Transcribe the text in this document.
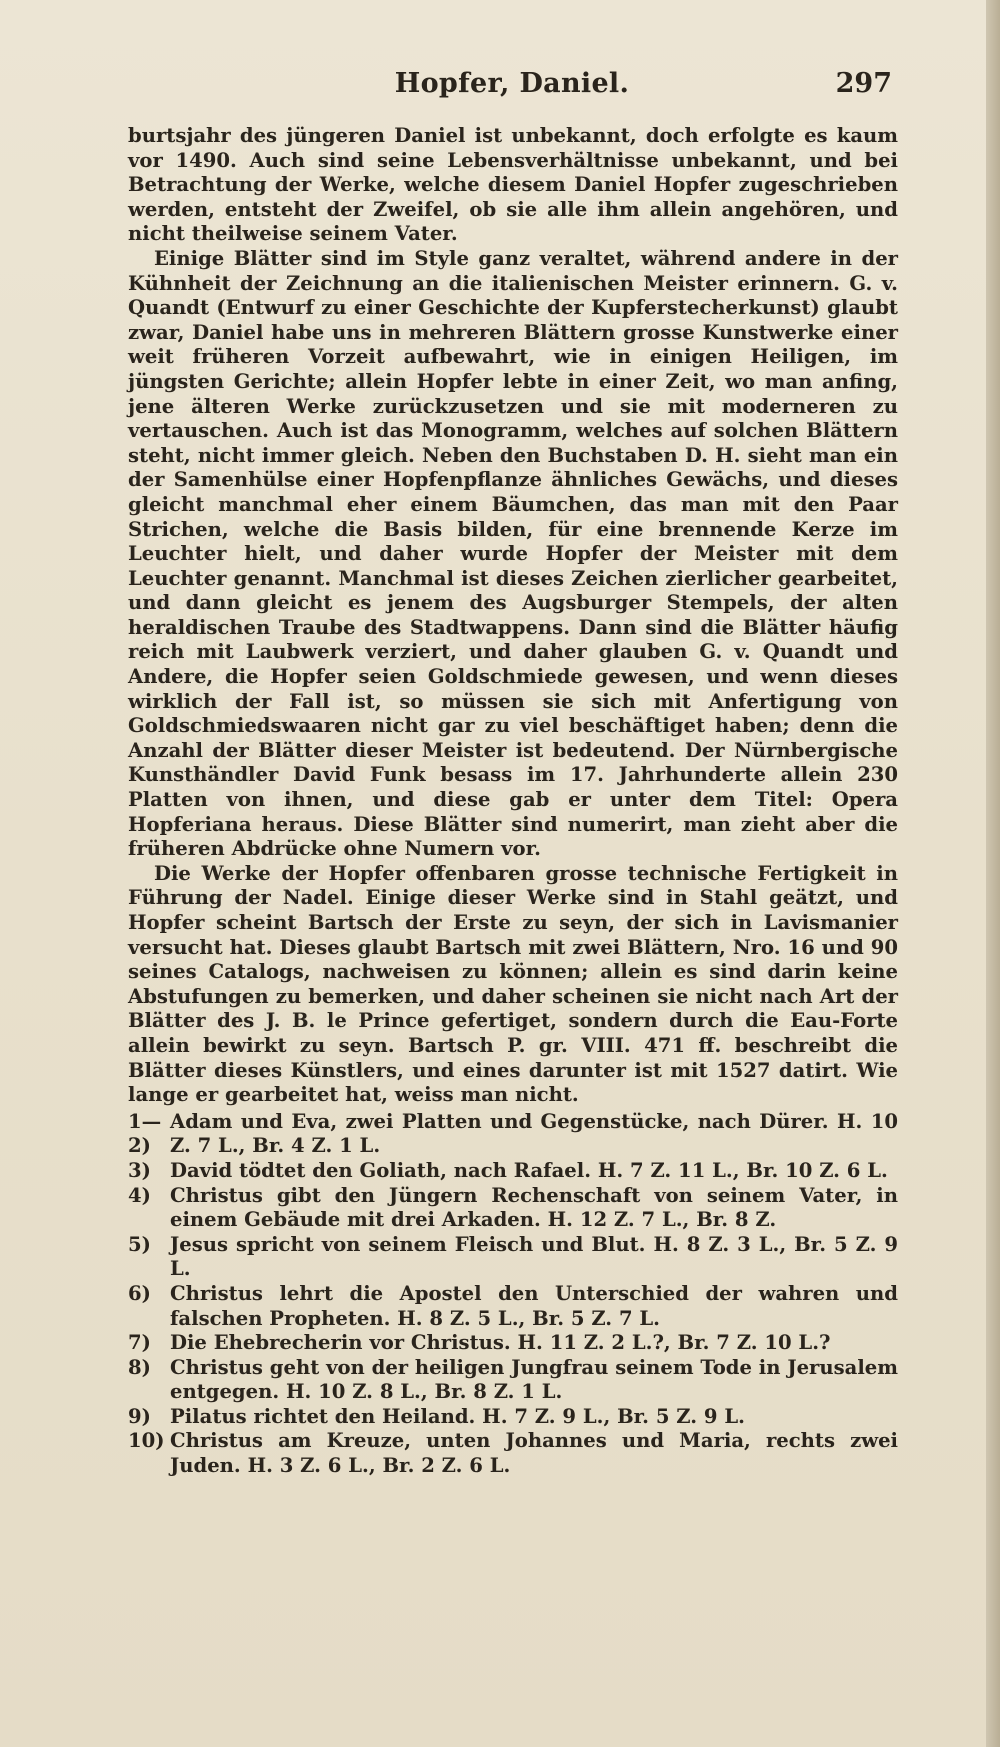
Hopfer, Daniel.	297

burtsjahr des jüngeren Daniel ist unbekannt, doch erfolgte es kaum vor 1490. Auch sind seine Lebensverhältnisse unbekannt, und bei Betrachtung der Werke, welche diesem Daniel Hopfer zugeschrieben werden, entsteht der Zweifel, ob sie alle ihm allein angehören, und nicht theilweise seinem Vater.

Einige Blätter sind im Style ganz veraltet, während andere in der Kühnheit der Zeichnung an die italienischen Meister erinnern. G. v. Quandt (Entwurf zu einer Geschichte der Kupferstecherkunst) glaubt zwar, Daniel habe uns in mehreren Blättern grosse Kunstwerke einer weit früheren Vorzeit aufbewahrt, wie in einigen Heiligen, im jüngsten Gerichte; allein Hopfer lebte in einer Zeit, wo man anfing, jene älteren Werke zurückzusetzen und sie mit moderneren zu vertauschen. Auch ist das Monogramm, welches auf solchen Blättern steht, nicht immer gleich. Neben den Buchstaben D. H. sieht man ein der Samenhülse einer Hopfenpflanze ähnliches Gewächs, und dieses gleicht manchmal eher einem Bäumchen, das man mit den Paar Strichen, welche die Basis bilden, für eine brennende Kerze im Leuchter hielt, und daher wurde Hopfer der Meister mit dem Leuchter genannt. Manchmal ist dieses Zeichen zierlicher gearbeitet, und dann gleicht es jenem des Augsburger Stempels, der alten heraldischen Traube des Stadtwappens. Dann sind die Blätter häufig reich mit Laubwerk verziert, und daher glauben G. v. Quandt und Andere, die Hopfer seien Goldschmiede gewesen, und wenn dieses wirklich der Fall ist, so müssen sie sich mit Anfertigung von Goldschmiedswaaren nicht gar zu viel beschäftiget haben; denn die Anzahl der Blätter dieser Meister ist bedeutend. Der Nürnbergische Kunsthändler David Funk besass im 17. Jahrhunderte allein 230 Platten von ihnen, und diese gab er unter dem Titel: Opera Hopferiana heraus. Diese Blätter sind numerirt, man zieht aber die früheren Abdrücke ohne Numern vor.

Die Werke der Hopfer offenbaren grosse technische Fertigkeit in Führung der Nadel. Einige dieser Werke sind in Stahl geätzt, und Hopfer scheint Bartsch der Erste zu seyn, der sich in Lavismanier versucht hat. Dieses glaubt Bartsch mit zwei Blättern, Nro. 16 und 90 seines Catalogs, nachweisen zu können; allein es sind darin keine Abstufungen zu bemerken, und daher scheinen sie nicht nach Art der Blätter des J. B. le Prince gefertiget, sondern durch die Eau-Forte allein bewirkt zu seyn. Bartsch P. gr. VIII. 471 ff. beschreibt die Blätter dieses Künstlers, und eines darunter ist mit 1527 datirt. Wie lange er gearbeitet hat, weiss man nicht.

1—2)
Adam und Eva, zwei Platten und Gegenstücke, nach Dürer. H. 10 Z. 7 L., Br. 4 Z. 1 L.
3) David tödtet den Goliath, nach Rafael. H. 7 Z. 11 L., Br. 10 Z. 6 L.
4) Christus gibt den Jüngern Rechenschaft von seinem Vater, in einem Gebäude mit drei Arkaden. H. 12 Z. 7 L., Br. 8 Z.
5) Jesus spricht von seinem Fleisch und Blut. H. 8 Z. 3 L., Br. 5 Z. 9 L.
6) Christus lehrt die Apostel den Unterschied der wahren und falschen Propheten. H. 8 Z. 5 L., Br. 5 Z. 7 L.
7) Die Ehebrecherin vor Christus. H. 11 Z. 2 L.?, Br. 7 Z. 10 L.?
8) Christus geht von der heiligen Jungfrau seinem Tode in Jerusalem entgegen. H. 10 Z. 8 L., Br. 8 Z. 1 L.
9) Pilatus richtet den Heiland. H. 7 Z. 9 L., Br. 5 Z. 9 L.
10) Christus am Kreuze, unten Johannes und Maria, rechts zwei Juden. H. 3 Z. 6 L., Br. 2 Z. 6 L.
